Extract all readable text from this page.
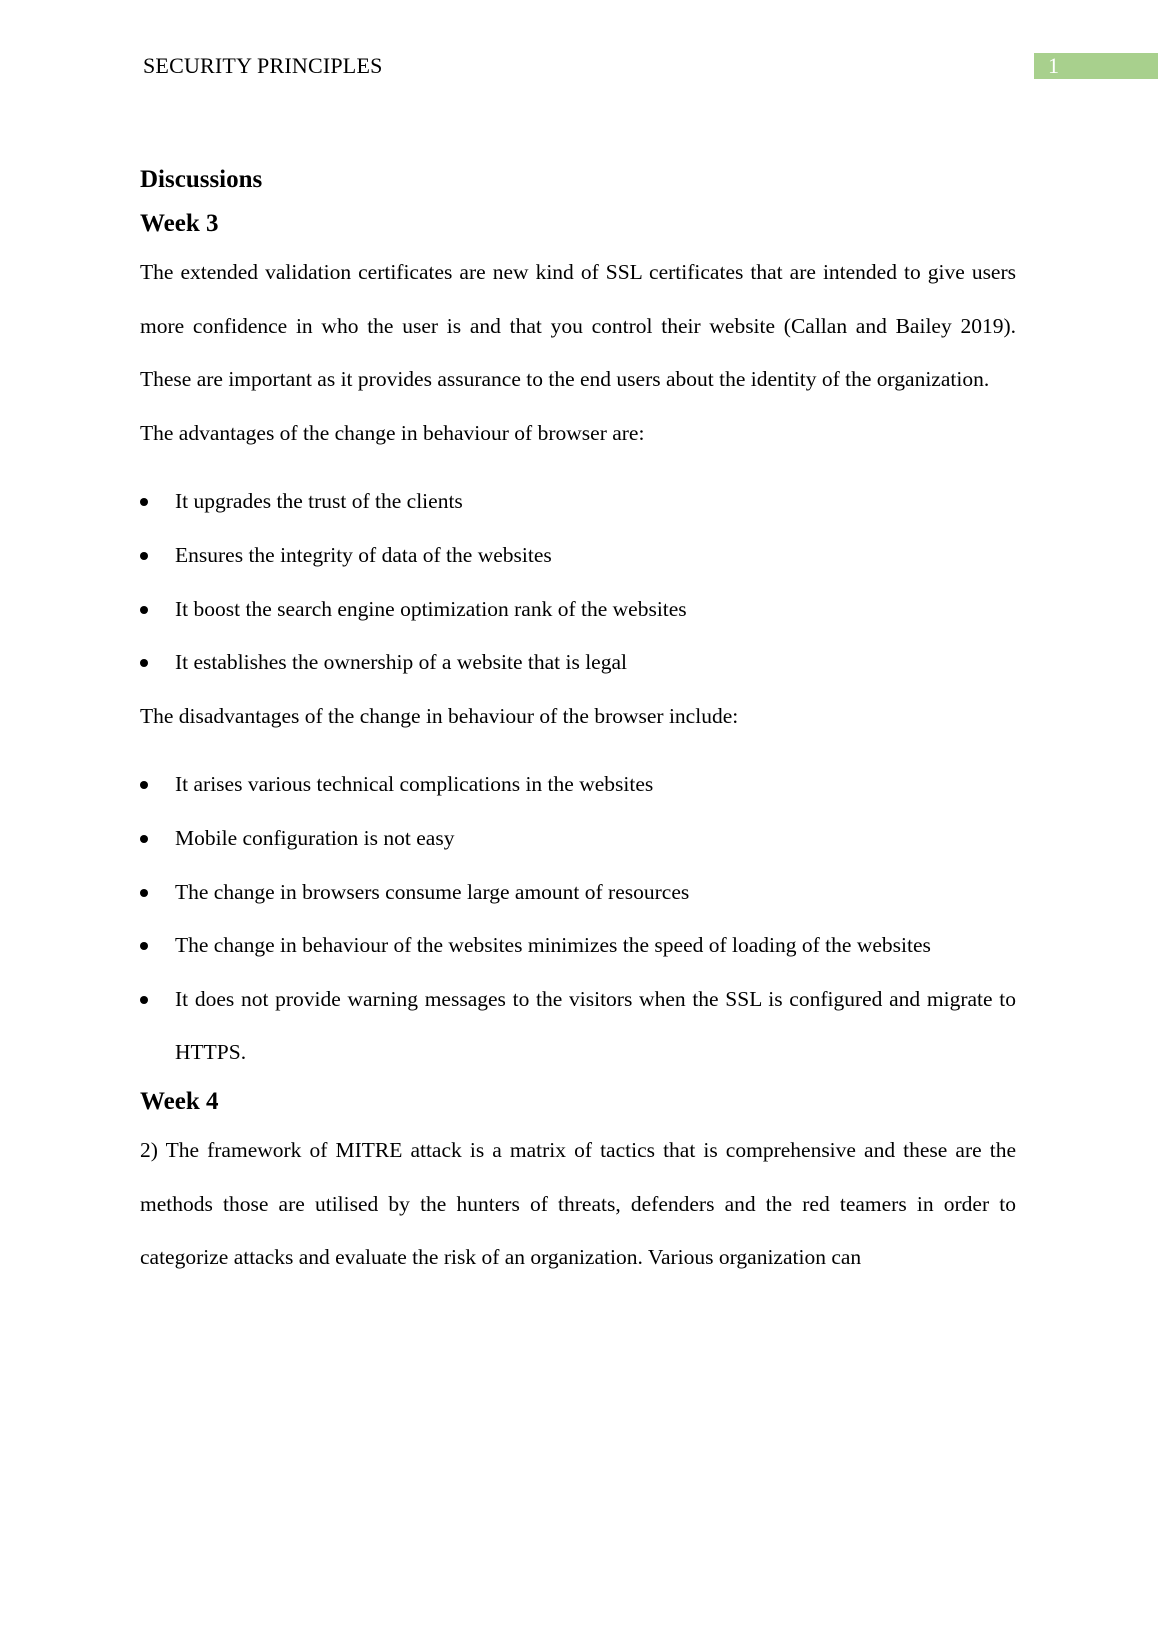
SECURITY PRINCIPLES	1
Discussions
Week 3

The extended validation certificates are new kind of SSL certificates that are intended to give users more confidence in who the user is and that you control their website (Callan and Bailey 2019). These are important as it provides assurance to the end users about the identity of the organization.

The advantages of the change in behaviour of browser are:

It upgrades the trust of the clients
Ensures the integrity of data of the websites
It boost the search engine optimization rank of the websites
It establishes the ownership of a website that is legal

The disadvantages of the change in behaviour of the browser include:

It arises various technical complications in the websites
Mobile configuration is not easy
The change in browsers consume large amount of resources
The change in behaviour of the websites minimizes the speed of loading of the websites
It does not provide warning messages to the visitors when the SSL is configured and migrate to HTTPS.
Week 4

2) The framework of MITRE attack is a matrix of tactics that is comprehensive and these are the methods those are utilised by the hunters of threats, defenders and the red teamers in order to categorize attacks and evaluate the risk of an organization. Various organization can
